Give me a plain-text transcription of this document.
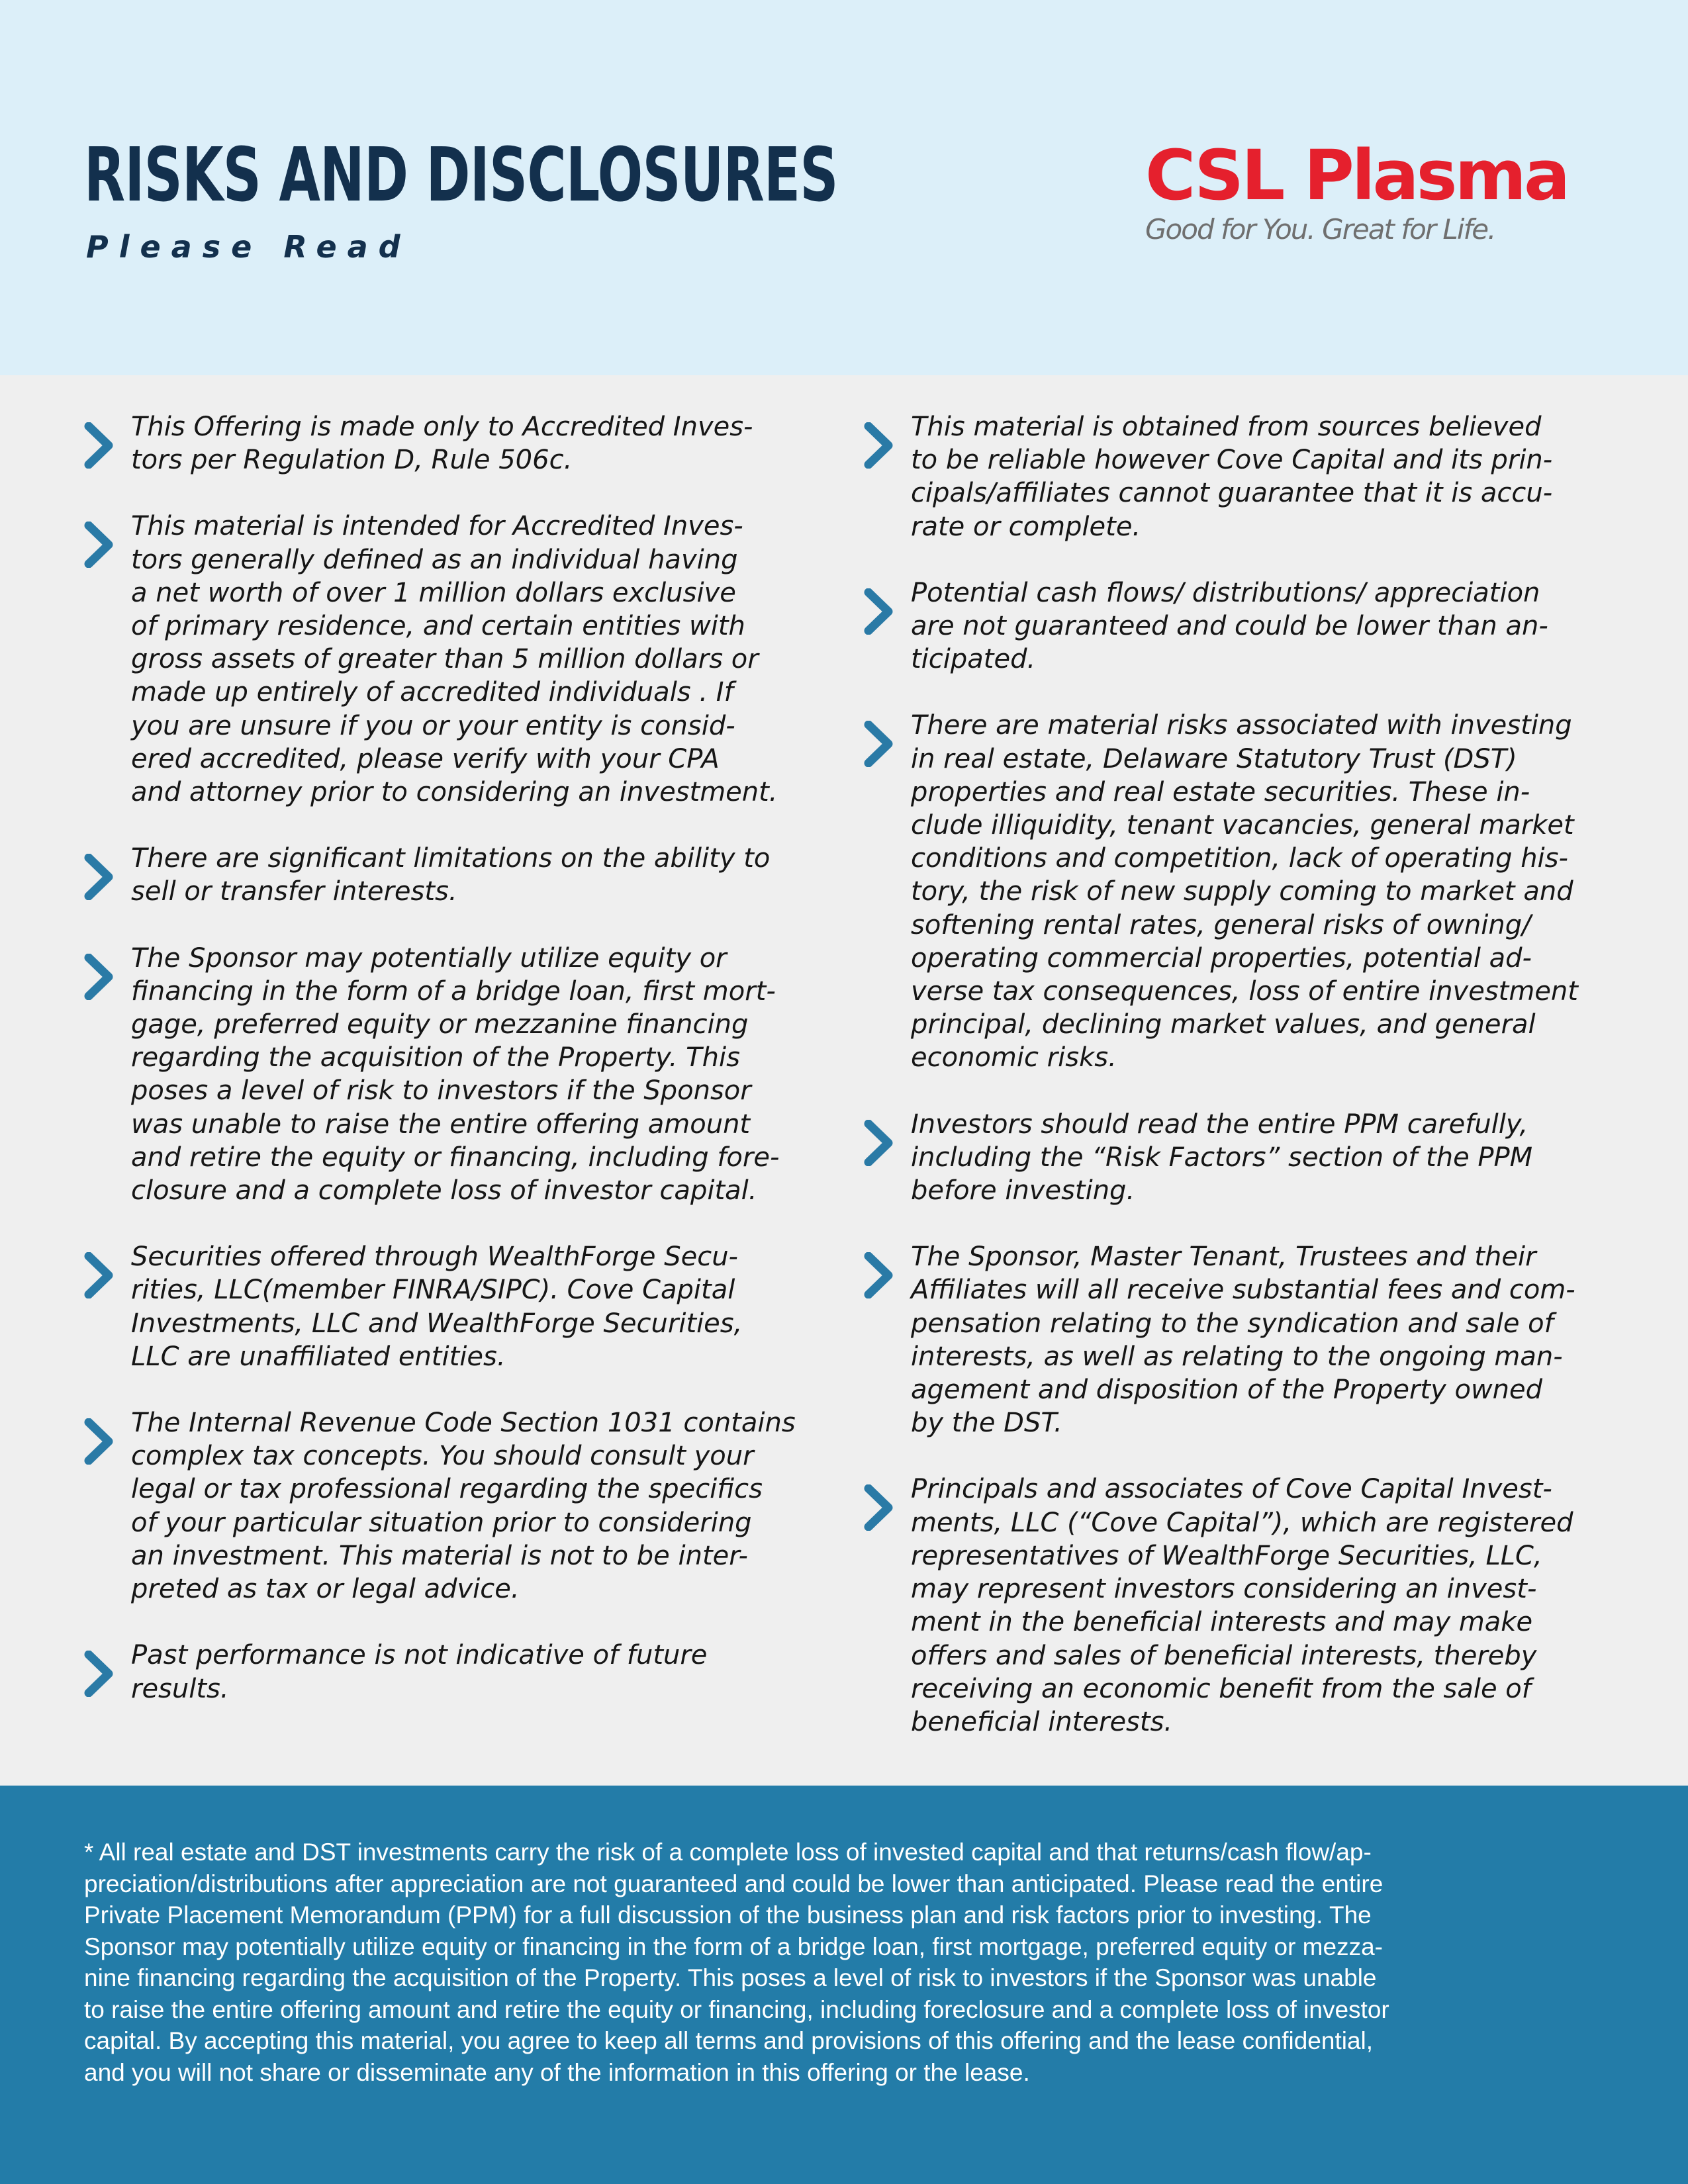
RISKS AND DISCLOSURES
Please Read
CSL Plasma
Good for You. Great for Life.
This Offering is made only to Accredited Inves-
tors per Regulation D, Rule 506c.
This material is intended for Accredited Inves-
tors generally defined as an individual having
a net worth of over 1 million dollars exclusive
of primary residence, and certain entities with
gross assets of greater than 5 million dollars or
made up entirely of accredited individuals . If
you are unsure if you or your entity is consid-
ered accredited, please verify with your CPA
and attorney prior to considering an investment.
There are significant limitations on the ability to
sell or transfer interests.
The Sponsor may potentially utilize equity or
financing in the form of a bridge loan, first mort-
gage, preferred equity or mezzanine financing
regarding the acquisition of the Property. This
poses a level of risk to investors if the Sponsor
was unable to raise the entire offering amount
and retire the equity or financing, including fore-
closure and a complete loss of investor capital.
Securities offered through WealthForge Secu-
rities, LLC(member FINRA/SIPC). Cove Capital
Investments, LLC and WealthForge Securities,
LLC are unaffiliated entities.
The Internal Revenue Code Section 1031 contains
complex tax concepts. You should consult your
legal or tax professional regarding the specifics
of your particular situation prior to considering
an investment. This material is not to be inter-
preted as tax or legal advice.
Past performance is not indicative of future
results.
This material is obtained from sources believed
to be reliable however Cove Capital and its prin-
cipals/affiliates cannot guarantee that it is accu-
rate or complete.
Potential cash flows/ distributions/ appreciation
are not guaranteed and could be lower than an-
ticipated.
There are material risks associated with investing
in real estate, Delaware Statutory Trust (DST)
properties and real estate securities. These in-
clude illiquidity, tenant vacancies, general market
conditions and competition, lack of operating his-
tory, the risk of new supply coming to market and
softening rental rates, general risks of owning/
operating commercial properties, potential ad-
verse tax consequences, loss of entire investment
principal, declining market values, and general
economic risks.
Investors should read the entire PPM carefully,
including the “Risk Factors” section of the PPM
before investing.
The Sponsor, Master Tenant, Trustees and their
Affiliates will all receive substantial fees and com-
pensation relating to the syndication and sale of
interests, as well as relating to the ongoing man-
agement and disposition of the Property owned
by the DST.
Principals and associates of Cove Capital Invest-
ments, LLC (“Cove Capital”), which are registered
representatives of WealthForge Securities, LLC,
may represent investors considering an invest-
ment in the beneficial interests and may make
offers and sales of beneficial interests, thereby
receiving an economic benefit from the sale of
beneficial interests.
* All real estate and DST investments carry the risk of a complete loss of invested capital and that returns/cash flow/ap-
preciation/distributions after appreciation are not guaranteed and could be lower than anticipated. Please read the entire
Private Placement Memorandum (PPM) for a full discussion of the business plan and risk factors prior to investing. The
Sponsor may potentially utilize equity or financing in the form of a bridge loan, first mortgage, preferred equity or mezza-
nine financing regarding the acquisition of the Property. This poses a level of risk to investors if the Sponsor was unable
to raise the entire offering amount and retire the equity or financing, including foreclosure and a complete loss of investor
capital. By accepting this material, you agree to keep all terms and provisions of this offering and the lease confidential,
and you will not share or disseminate any of the information in this offering or the lease.
